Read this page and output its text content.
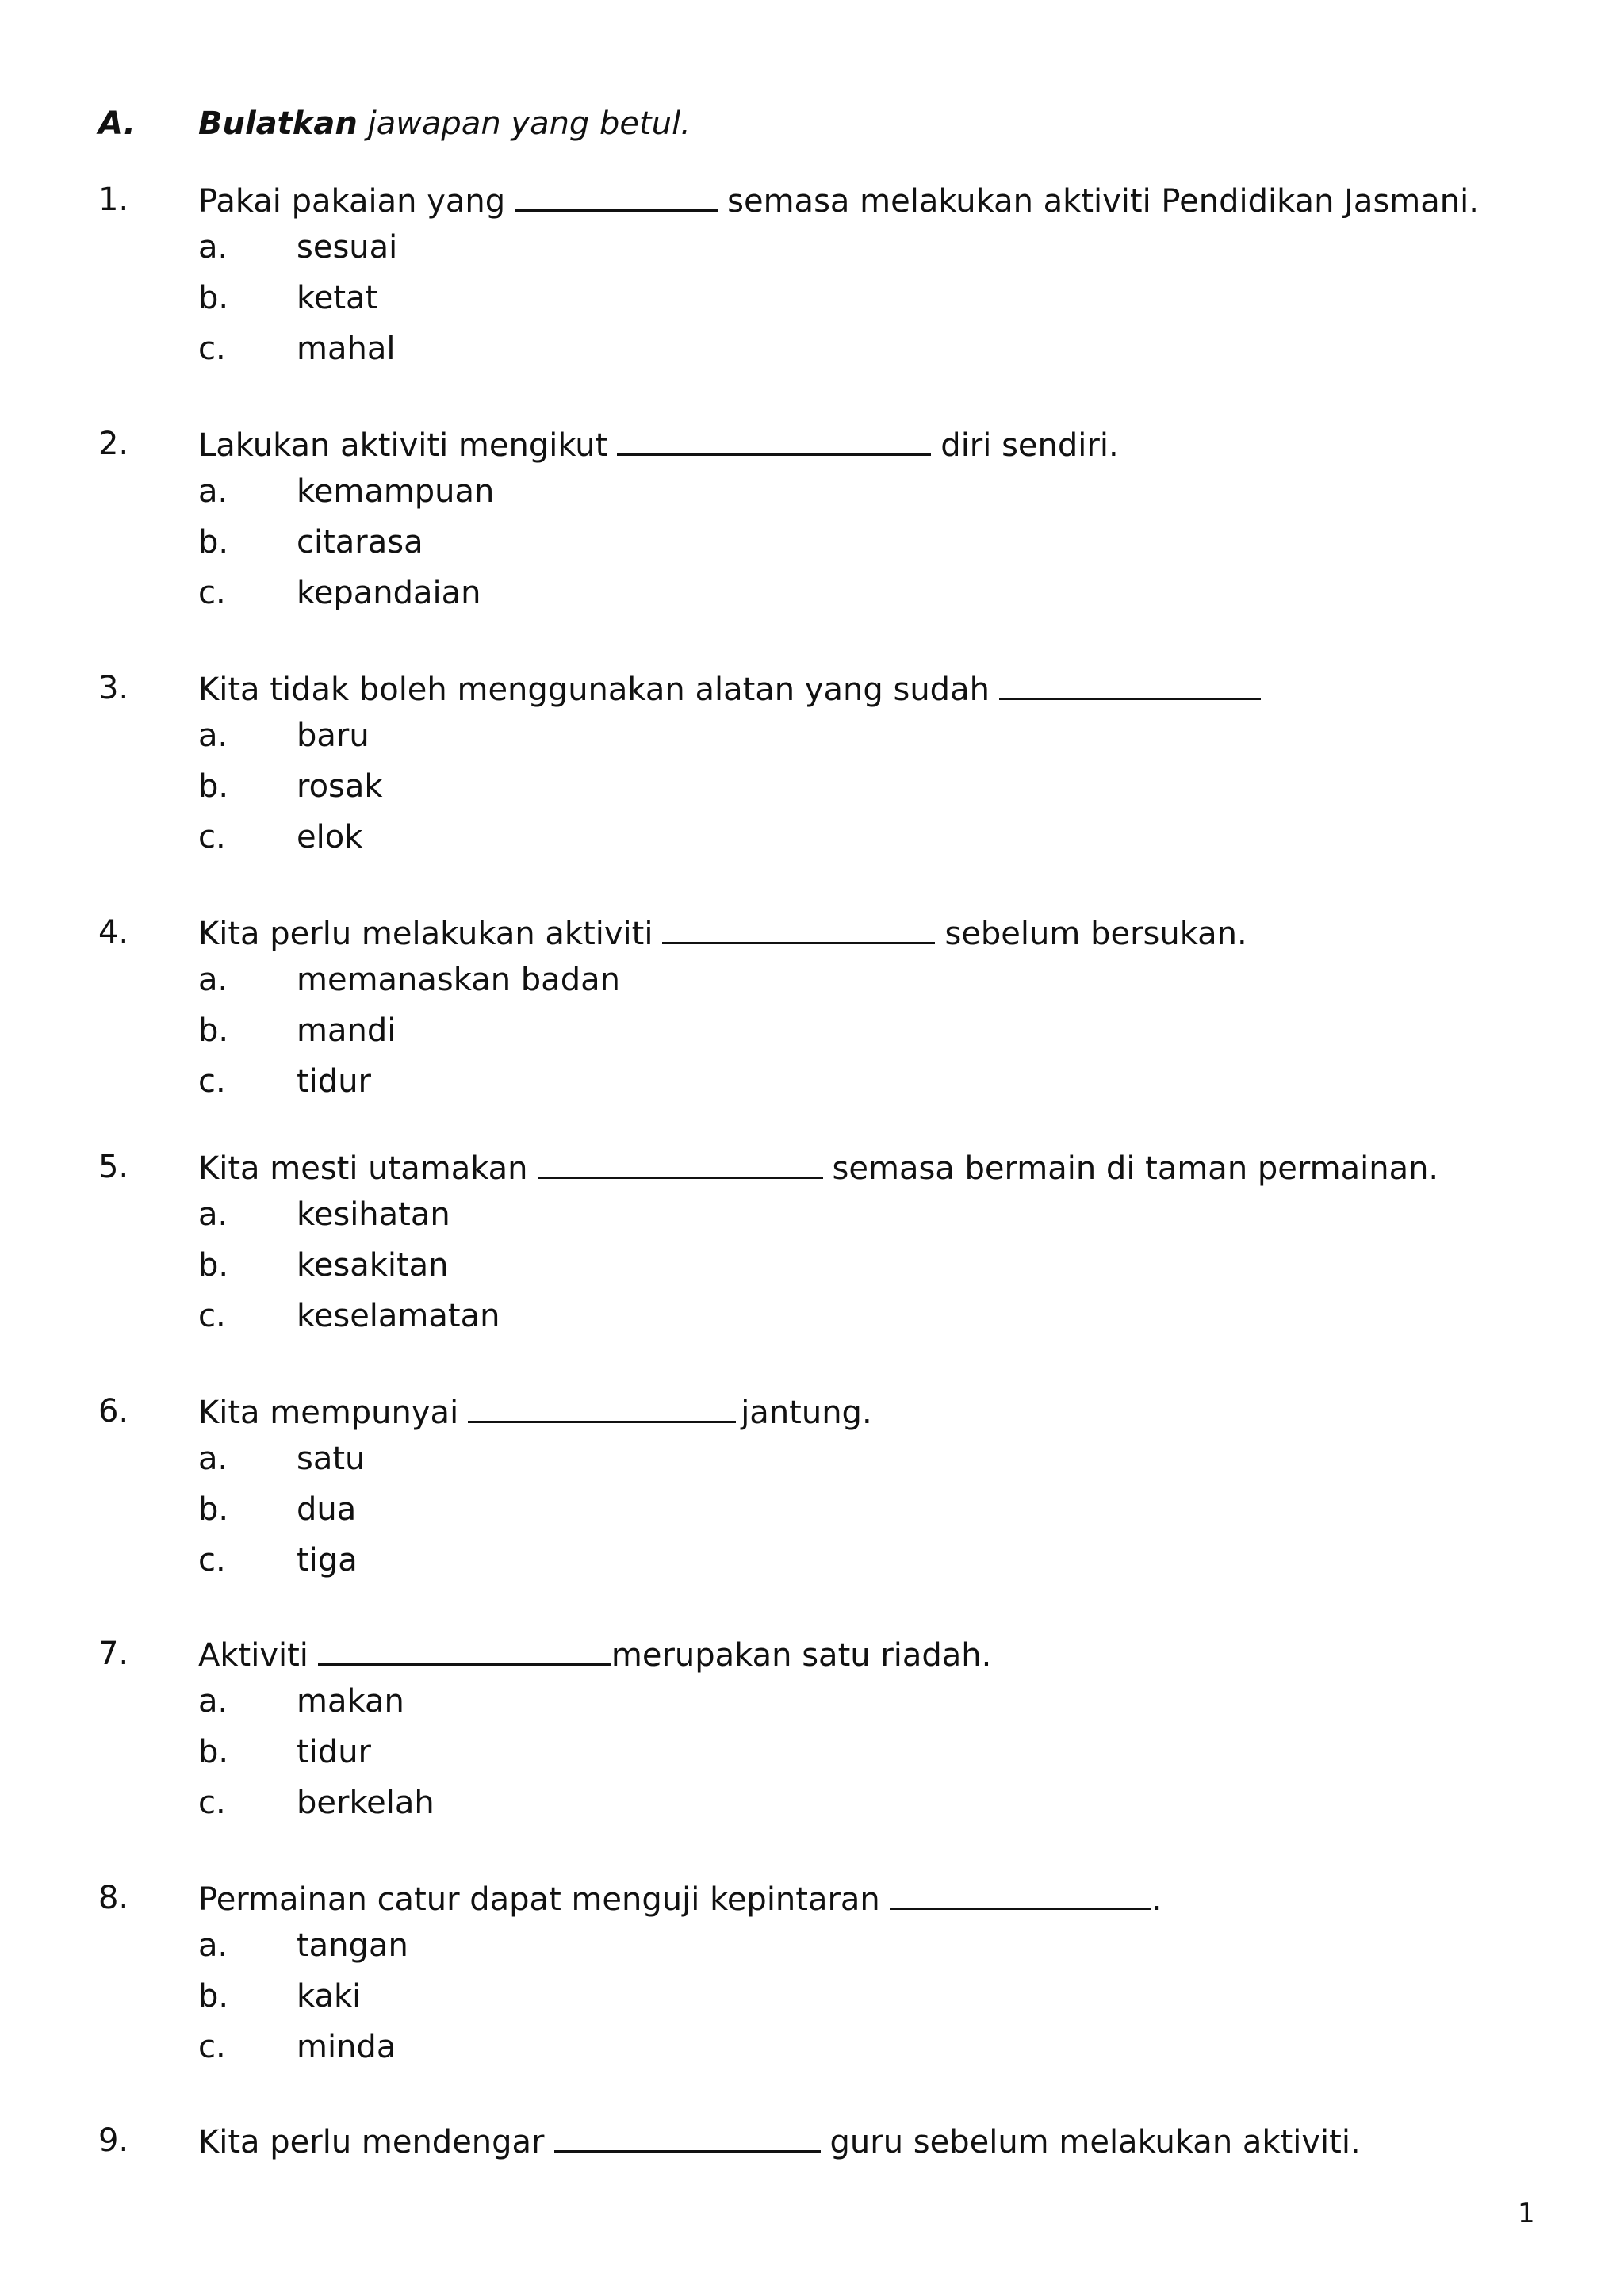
A. Bulatkan jawapan yang betul.
1. Pakai pakaian yang	semasa melakukan aktiviti Pendidikan Jasmani.
a. sesuai
b. ketat
c. mahal
2. Lakukan aktiviti mengikut	diri sendiri.
a. kemampuan
b. citarasa
c. kepandaian
3. Kita tidak boleh menggunakan alatan yang sudah
a. baru
b. rosak
c. elok
4. Kita perlu melakukan aktiviti	sebelum bersukan.
a. memanaskan badan
b. mandi
c. tidur
5. Kita mesti utamakan	semasa bermain di taman permainan.
a. kesihatan
b. kesakitan
c. keselamatan
6. Kita mempunyai	jantung.
a. satu
b. dua
c. tiga
7. Aktiviti	merupakan satu riadah.
a. makan
b. tidur
c. berkelah
8. Permainan catur dapat menguji kepintaran	.
a. tangan
b. kaki
c. minda
9. Kita perlu mendengar	guru sebelum melakukan aktiviti.
1
